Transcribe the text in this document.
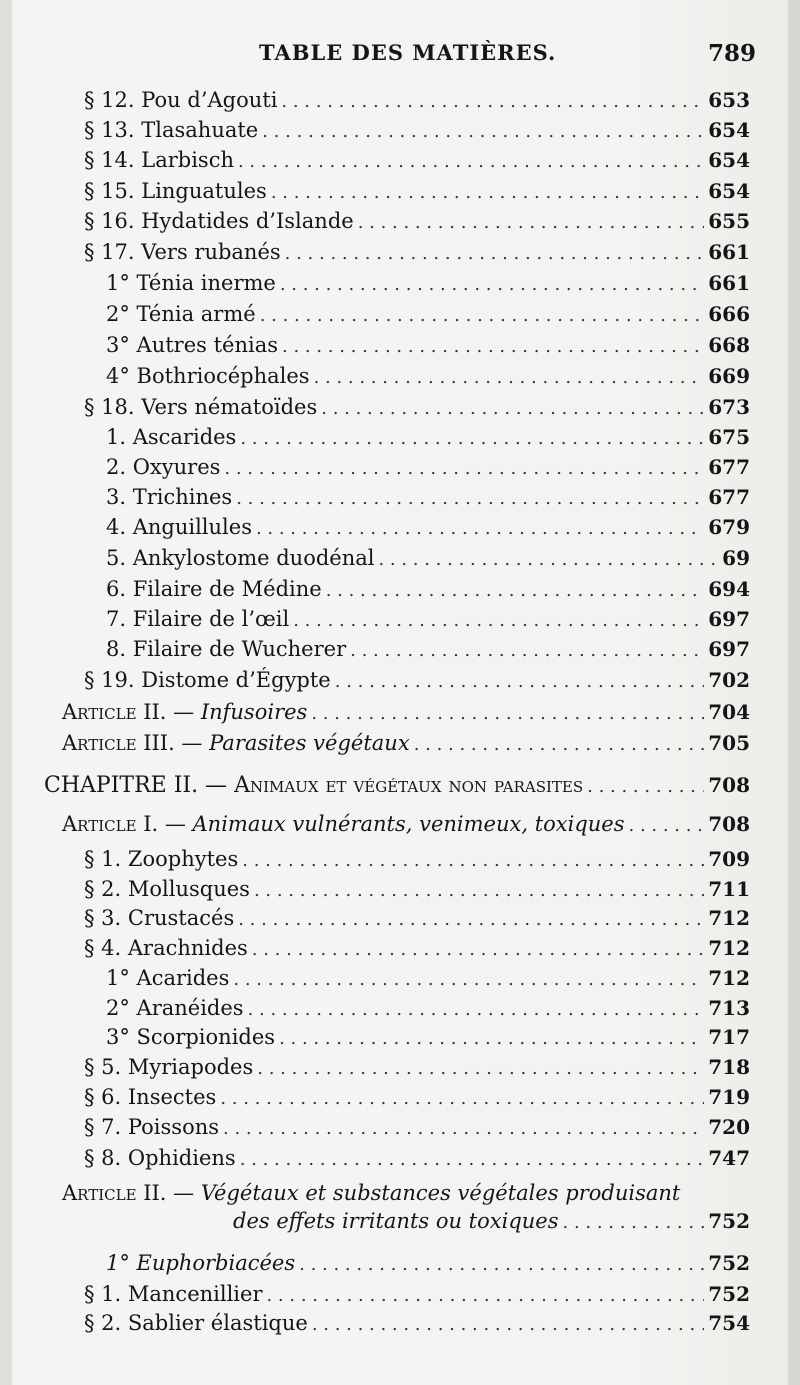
TABLE DES MATIÈRES.	789
§ 12. Pou d’Agouti . . .	653
§ 13. Tlasahuate . . .	654
§ 14. Larbisch . . .	654
§ 15. Linguatules . . .	654
§ 16. Hydatides d’Islande . . .	655
§ 17. Vers rubanés . . .	661
1° Ténia inerme . . .	661
2° Ténia armé . . .	666
3° Autres ténias . . .	668
4° Bothriocéphales . . .	669
§ 18. Vers nématoïdes . . .	673
1. Ascarides . . .	675
2. Oxyures . . .	677
3. Trichines . . .	677
4. Anguillules . . .	679
5. Ankylostome duodénal . . .	69
6. Filaire de Médine . . .	694
7. Filaire de l’œil . . .	697
8. Filaire de Wucherer . . .	697
§ 19. Distome d’Égypte . . .	702
Article II. — Infusoires . . .	704
Article III. — Parasites végétaux . . .	705
CHAPITRE II. — Animaux et végétaux non parasites . . .	708
Article I. — Animaux vulnérants, venimeux, toxiques . . .	708
§ 1. Zoophytes . . .	709
§ 2. Mollusques . . .	711
§ 3. Crustacés . . .	712
§ 4. Arachnides . . .	712
1° Acarides . . .	712
2° Aranéides . . .	713
3° Scorpionides . . .	717
§ 5. Myriapodes . . .	718
§ 6. Insectes . . .	719
§ 7. Poissons . . .	720
§ 8. Ophidiens . . .	747
Article II. — Végétaux et substances végétales produisant
des effets irritants ou toxiques . . .	752
1° Euphorbiacées . . .	752
§ 1. Mancenillier . . .	752
§ 2. Sablier élastique . . .	754
